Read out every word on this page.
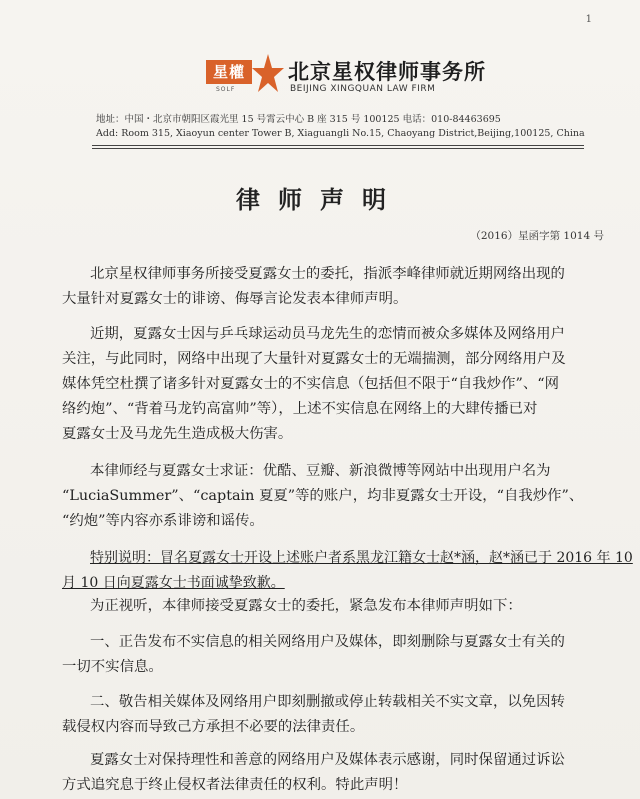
1
星權
SOLF
北京星权律师事务所
BEIJING XINGQUAN LAW FIRM
地址：中国・北京市朝阳区霞光里 15 号霄云中心 B 座 315 号 100125 电话：010-84463695
Add: Room 315, Xiaoyun center Tower B, Xiaguangli No.15, Chaoyang District,Beijing,100125, China
律师声明
（2016）星函字第 1014 号
北京星权律师事务所接受夏露女士的委托，指派李峰律师就近期网络出现的
大量针对夏露女士的诽谤、侮辱言论发表本律师声明。
近期，夏露女士因与乒乓球运动员马龙先生的恋情而被众多媒体及网络用户
关注，与此同时，网络中出现了大量针对夏露女士的无端揣测，部分网络用户及
媒体凭空杜撰了诸多针对夏露女士的不实信息（包括但不限于“自我炒作”、“网
络约炮”、“背着马龙钓高富帅”等），上述不实信息在网络上的大肆传播已对
夏露女士及马龙先生造成极大伤害。
本律师经与夏露女士求证：优酷、豆瓣、新浪微博等网站中出现用户名为
“LuciaSummer”、“captain 夏夏”等的账户，均非夏露女士开设，“自我炒作”、
“约炮”等内容亦系诽谤和谣传。
特别说明：冒名夏露女士开设上述账户者系黑龙江籍女士赵*涵，赵*涵已于 2016 年 10
月 10 日向夏露女士书面诚挚致歉。
为正视听，本律师接受夏露女士的委托，紧急发布本律师声明如下：
一、正告发布不实信息的相关网络用户及媒体，即刻删除与夏露女士有关的
一切不实信息。
二、敬告相关媒体及网络用户即刻删撤或停止转载相关不实文章，以免因转
载侵权内容而导致己方承担不必要的法律责任。
夏露女士对保持理性和善意的网络用户及媒体表示感谢，同时保留通过诉讼
方式追究息于终止侵权者法律责任的权利。特此声明！
